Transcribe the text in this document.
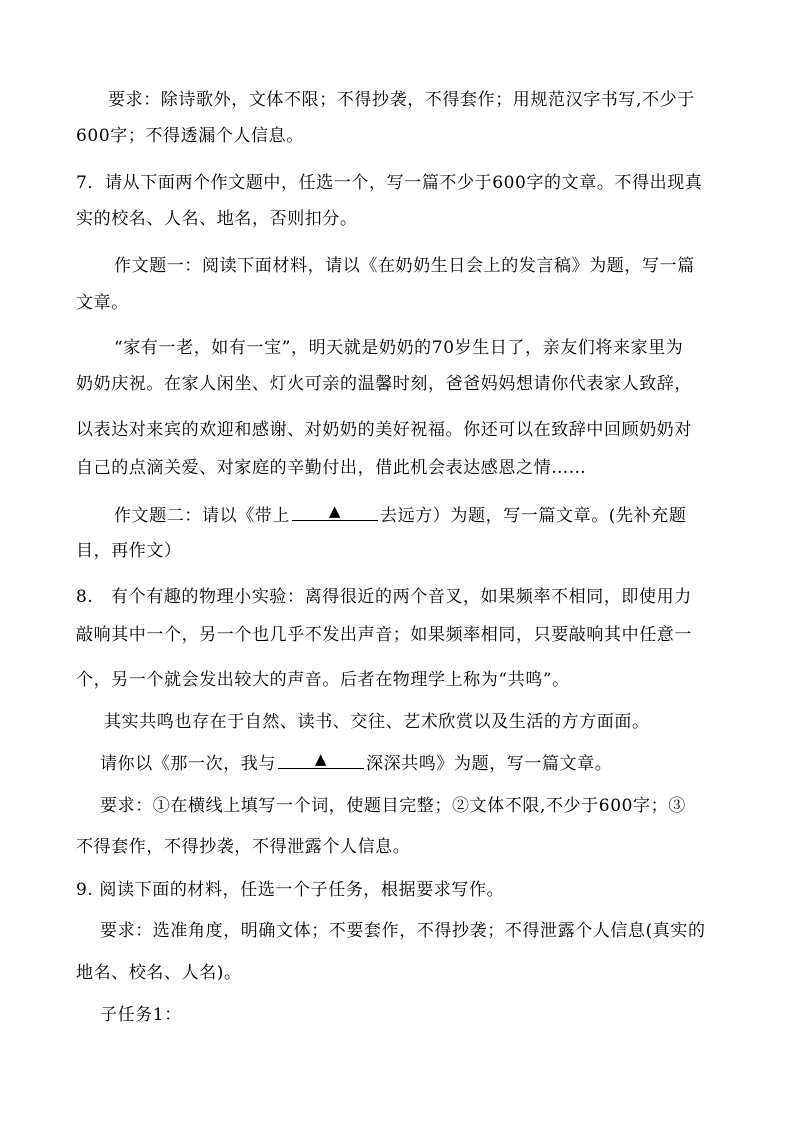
要求：除诗歌外，文体不限；不得抄袭，不得套作；用规范汉字书写,不少于
600字；不得透漏个人信息。
7．请从下面两个作文题中，任选一个，写一篇不少于600字的文章。不得出现真
实的校名、人名、地名，否则扣分。
作文题一：阅读下面材料，请以《在奶奶生日会上的发言稿》为题，写一篇
文章。
“家有一老，如有一宝”，明天就是奶奶的70岁生日了，亲友们将来家里为
奶奶庆祝。在家人闲坐、灯火可亲的温馨时刻，爸爸妈妈想请你代表家人致辞，
以表达对来宾的欢迎和感谢、对奶奶的美好祝福。你还可以在致辞中回顾奶奶对
自己的点滴关爱、对家庭的辛勤付出，借此机会表达感恩之情……
作文题二：请以《带上	▲ 去远方）为题，写一篇文章。(先补充题
目，再作文）
8.　有个有趣的物理小实验：离得很近的两个音叉，如果频率不相同，即使用力
敲响其中一个，另一个也几乎不发出声音；如果频率相同，只要敲响其中任意一
个，另一个就会发出较大的声音。后者在物理学上称为“共鸣”。
其实共鸣也存在于自然、读书、交往、艺术欣赏以及生活的方方面面。
请你以《那一次，我与	▲ 深深共鸣》为题，写一篇文章。
要求：①在横线上填写一个词，使题目完整；②文体不限,不少于600字；③
不得套作，不得抄袭，不得泄露个人信息。
9. 阅读下面的材料，任选一个子任务，根据要求写作。
要求：选准角度，明确文体；不要套作，不得抄袭；不得泄露个人信息(真实的
地名、校名、人名)。
子任务1：
